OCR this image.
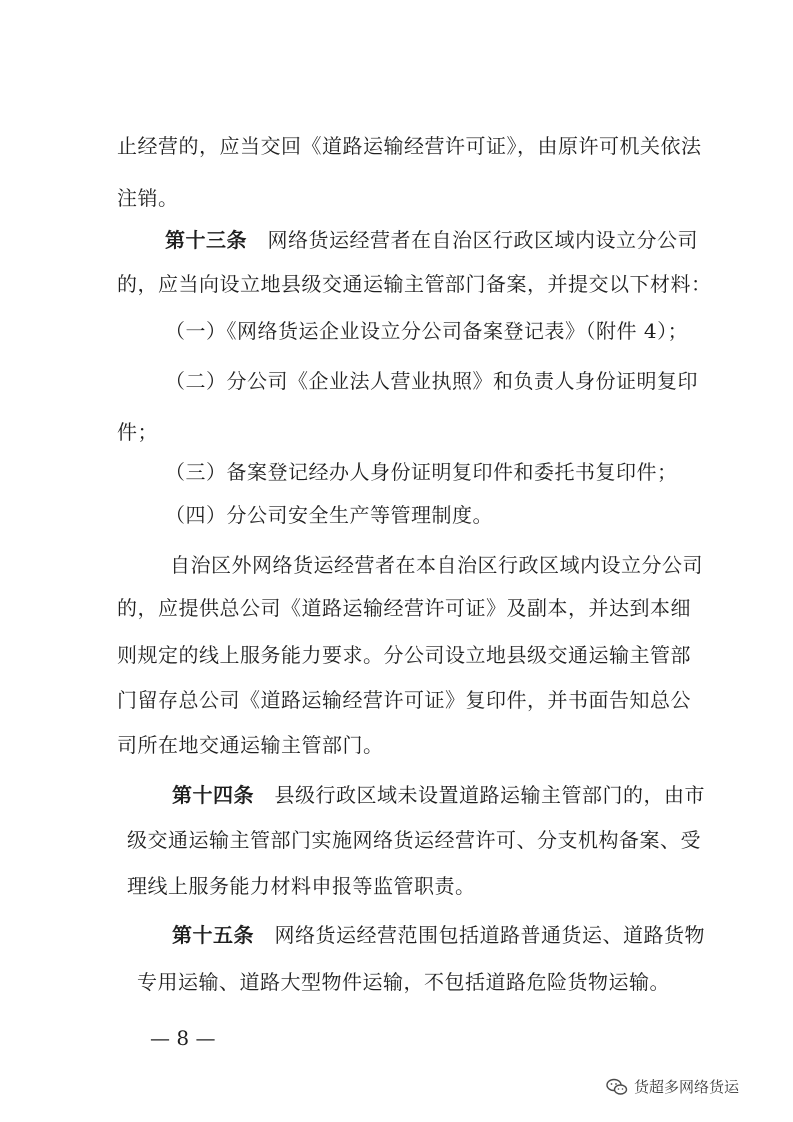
止经营的，应当交回《道路运输经营许可证》，由原许可机关依法
注销。
第十三条  网络货运经营者在自治区行政区域内设立分公司
的，应当向设立地县级交通运输主管部门备案，并提交以下材料：
（一）《网络货运企业设立分公司备案登记表》（附件 4）；
（二）分公司《企业法人营业执照》和负责人身份证明复印
件；
（三）备案登记经办人身份证明复印件和委托书复印件；
（四）分公司安全生产等管理制度。
自治区外网络货运经营者在本自治区行政区域内设立分公司
的，应提供总公司《道路运输经营许可证》及副本，并达到本细
则规定的线上服务能力要求。分公司设立地县级交通运输主管部
门留存总公司《道路运输经营许可证》复印件，并书面告知总公
司所在地交通运输主管部门。
第十四条  县级行政区域未设置道路运输主管部门的，由市
级交通运输主管部门实施网络货运经营许可、分支机构备案、受
理线上服务能力材料申报等监管职责。
第十五条  网络货运经营范围包括道路普通货运、道路货物
专用运输、道路大型物件运输，不包括道路危险货物运输。
— 8 —
货超多网络货运
